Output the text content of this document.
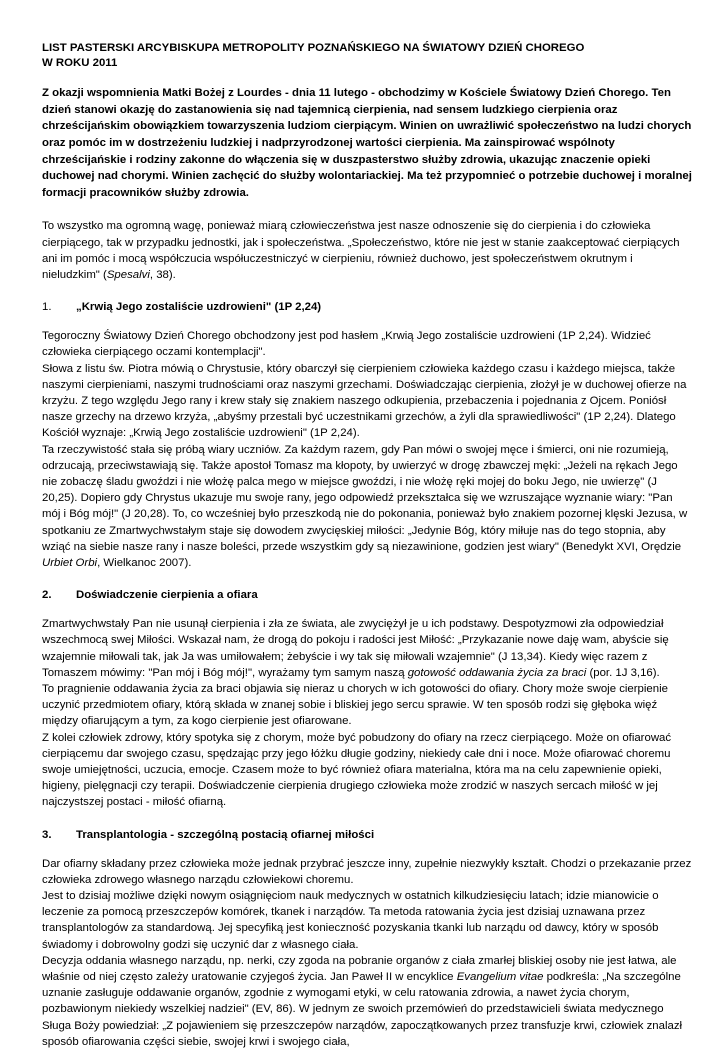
LIST PASTERSKI ARCYBISKUPA METROPOLITY POZNAŃSKIEGO NA ŚWIATOWY DZIEŃ CHOREGO
W ROKU 2011

Z okazji wspomnienia Matki Bożej z Lourdes - dnia 11 lutego - obchodzimy w Kościele Światowy Dzień Chorego. Ten dzień stanowi okazję do zastanowienia się nad tajemnicą cierpienia, nad sensem ludzkiego cierpienia oraz chrześcijańskim obowiązkiem towarzyszenia ludziom cierpiącym. Winien on uwrażliwić społeczeństwo na ludzi chorych oraz pomóc im w dostrzeżeniu ludzkiej i nadprzyrodzonej wartości cierpienia. Ma zainspirować wspólnoty chrześcijańskie i rodziny zakonne do włączenia się w duszpasterstwo służby zdrowia, ukazując znaczenie opieki duchowej nad chorymi. Winien zachęcić do służby wolontariackiej. Ma też przypomnieć o potrzebie duchowej i moralnej formacji pracowników służby zdrowia.

To wszystko ma ogromną wagę, ponieważ miarą człowieczeństwa jest nasze odnoszenie się do cierpienia i do człowieka cierpiącego, tak w przypadku jednostki, jak i społeczeństwa. „Społeczeństwo, które nie jest w stanie zaakceptować cierpiących ani im pomóc i mocą współczucia współuczestniczyć w cierpieniu, również duchowo, jest społeczeństwem okrutnym i nieludzkim" (Spesalvi, 38).

1.	„Krwią Jego zostaliście uzdrowieni" (1P 2,24)

Tegoroczny Światowy Dzień Chorego obchodzony jest pod hasłem „Krwią Jego zostaliście uzdrowieni (1P 2,24). Widzieć człowieka cierpiącego oczami kontemplacji".

Słowa z listu św. Piotra mówią o Chrystusie, który obarczył się cierpieniem człowieka każdego czasu i każdego miejsca, także naszymi cierpieniami, naszymi trudnościami oraz naszymi grzechami. Doświadczając cierpienia, złożył je w duchowej ofierze na krzyżu. Z tego względu Jego rany i krew stały się znakiem naszego odkupienia, przebaczenia i pojednania z Ojcem. Poniósł nasze grzechy na drzewo krzyża, „abyśmy przestali być uczestnikami grzechów, a żyli dla sprawiedliwości" (1P 2,24). Dlatego Kościół wyznaje: „Krwią Jego zostaliście uzdrowieni" (1P 2,24).

Ta rzeczywistość stała się próbą wiary uczniów. Za każdym razem, gdy Pan mówi o swojej męce i śmierci, oni nie rozumieją, odrzucają, przeciwstawiają się. Także apostoł Tomasz ma kłopoty, by uwierzyć w drogę zbawczej męki: „Jeżeli na rękach Jego nie zobaczę śladu gwoździ i nie włożę palca mego w miejsce gwoździ, i nie włożę ręki mojej do boku Jego, nie uwierzę" (J 20,25). Dopiero gdy Chrystus ukazuje mu swoje rany, jego odpowiedź przekształca się we wzruszające wyznanie wiary: "Pan mój i Bóg mój!" (J 20,28). To, co wcześniej było przeszkodą nie do pokonania, ponieważ było znakiem pozornej klęski Jezusa, w spotkaniu ze Zmartwychwstałym staje się dowodem zwycięskiej miłości: „Jedynie Bóg, który miłuje nas do tego stopnia, aby wziąć na siebie nasze rany i nasze boleści, przede wszystkim gdy są niezawinione, godzien jest wiary" (Benedykt XVI, Orędzie Urbiet Orbi, Wielkanoc 2007).

2.	Doświadczenie cierpienia a ofiara

Zmartwychwstały Pan nie usunął cierpienia i zła ze świata, ale zwyciężył je u ich podstawy. Despotyzmowi zła odpowiedział wszechmocą swej Miłości. Wskazał nam, że drogą do pokoju i radości jest Miłość: „Przykazanie nowe daję wam, abyście się wzajemnie miłowali tak, jak Ja was umiłowałem; żebyście i wy tak się miłowali wzajemnie" (J 13,34). Kiedy więc razem z Tomaszem mówimy: "Pan mój i Bóg mój!", wyrażamy tym samym naszą gotowość oddawania życia za braci (por. 1J 3,16).

To pragnienie oddawania życia za braci objawia się nieraz u chorych w ich gotowości do ofiary. Chory może swoje cierpienie uczynić przedmiotem ofiary, którą składa w znanej sobie i bliskiej jego sercu sprawie. W ten sposób rodzi się głęboka więź między ofiarującym a tym, za kogo cierpienie jest ofiarowane.

Z kolei człowiek zdrowy, który spotyka się z chorym, może być pobudzony do ofiary na rzecz cierpiącego. Może on ofiarować cierpiącemu dar swojego czasu, spędzając przy jego łóżku długie godziny, niekiedy całe dni i noce. Może ofiarować choremu swoje umiejętności, uczucia, emocje. Czasem może to być również ofiara materialna, która ma na celu zapewnienie opieki, higieny, pielęgnacji czy terapii. Doświadczenie cierpienia drugiego człowieka może zrodzić w naszych sercach miłość w jej najczystszej postaci - miłość ofiarną.

3.	Transplantologia - szczególną postacią ofiarnej miłości

Dar ofiarny składany przez człowieka może jednak przybrać jeszcze inny, zupełnie niezwykły kształt. Chodzi o przekazanie przez człowieka zdrowego własnego narządu człowiekowi choremu.

Jest to dzisiaj możliwe dzięki nowym osiągnięciom nauk medycznych w ostatnich kilkudziesięciu latach; idzie mianowicie o leczenie za pomocą przeszczepów komórek, tkanek i narządów. Ta metoda ratowania życia jest dzisiaj uznawana przez transplantologów za standardową. Jej specyfiką jest konieczność pozyskania tkanki lub narządu od dawcy, który w sposób świadomy i dobrowolny godzi się uczynić dar z własnego ciała.

Decyzja oddania własnego narządu, np. nerki, czy zgoda na pobranie organów z ciała zmarłej bliskiej osoby nie jest łatwa, ale właśnie od niej często zależy uratowanie czyjegoś życia. Jan Paweł II w encyklice Evangelium vitae podkreśla: „Na szczególne uznanie zasługuje oddawanie organów, zgodnie z wymogami etyki, w celu ratowania zdrowia, a nawet życia chorym, pozbawionym niekiedy wszelkiej nadziei" (EV, 86). W jednym ze swoich przemówień do przedstawicieli świata medycznego Sługa Boży powiedział: „Z pojawieniem się przeszczepów narządów, zapoczątkowanych przez transfuzje krwi, człowiek znalazł sposób ofiarowania części siebie, swojej krwi i swojego ciała,
